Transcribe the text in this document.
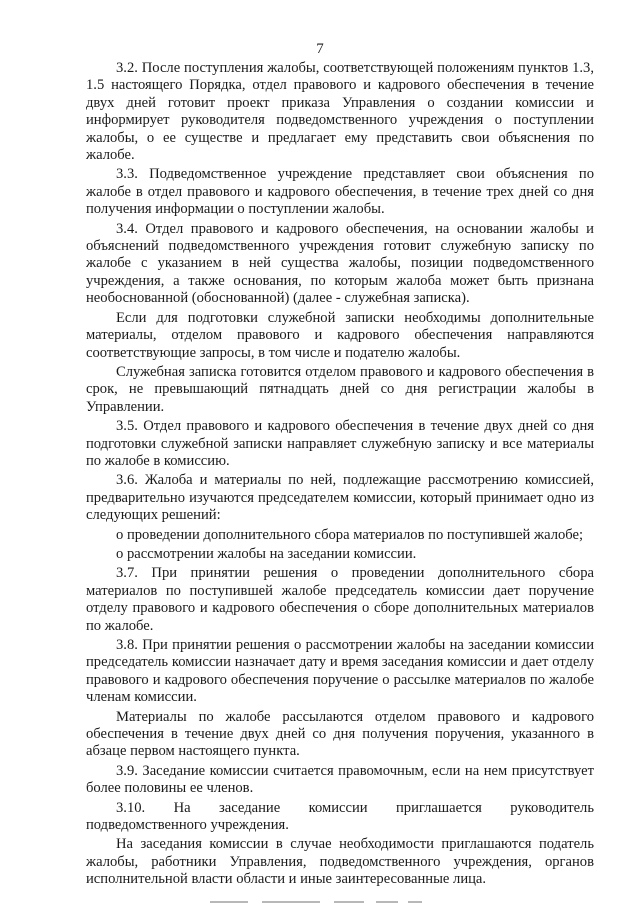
7

3.2. После поступления жалобы, соответствующей положениям пунктов 1.3, 1.5 настоящего Порядка, отдел правового и кадрового обеспечения в течение двух дней готовит проект приказа Управления о создании комиссии и информирует руководителя подведомственного учреждения о поступлении жалобы, о ее существе и предлагает ему представить свои объяснения по жалобе.

3.3. Подведомственное учреждение представляет свои объяснения по жалобе в отдел правового и кадрового обеспечения, в течение трех дней со дня получения информации о поступлении жалобы.

3.4. Отдел правового и кадрового обеспечения, на основании жалобы и объяснений подведомственного учреждения готовит служебную записку по жалобе с указанием в ней существа жалобы, позиции подведомственного учреждения, а также основания, по которым жалоба может быть признана необоснованной (обоснованной) (далее - служебная записка).

Если для подготовки служебной записки необходимы дополнительные материалы, отделом правового и кадрового обеспечения направляются соответствующие запросы, в том числе и подателю жалобы.

Служебная записка готовится отделом правового и кадрового обеспечения в срок, не превышающий пятнадцать дней со дня регистрации жалобы в Управлении.

3.5. Отдел правового и кадрового обеспечения в течение двух дней со дня подготовки служебной записки направляет служебную записку и все материалы по жалобе в комиссию.

3.6. Жалоба и материалы по ней, подлежащие рассмотрению комиссией, предварительно изучаются председателем комиссии, который принимает одно из следующих решений:

о проведении дополнительного сбора материалов по поступившей жалобе;

о рассмотрении жалобы на заседании комиссии.

3.7. При принятии решения о проведении дополнительного сбора материалов по поступившей жалобе председатель комиссии дает поручение отделу правового и кадрового обеспечения о сборе дополнительных материалов по жалобе.

3.8. При принятии решения о рассмотрении жалобы на заседании комиссии председатель комиссии назначает дату и время заседания комиссии и дает отделу правового и кадрового обеспечения поручение о рассылке материалов по жалобе членам комиссии.

Материалы по жалобе рассылаются отделом правового и кадрового обеспечения в течение двух дней со дня получения поручения, указанного в абзаце первом настоящего пункта.

3.9. Заседание комиссии считается правомочным, если на нем присутствует более половины ее членов.

3.10. На заседание комиссии приглашается руководитель подведомственного учреждения.

На заседания комиссии в случае необходимости приглашаются податель жалобы, работники Управления, подведомственного учреждения, органов исполнительной власти области и иные заинтересованные лица.
